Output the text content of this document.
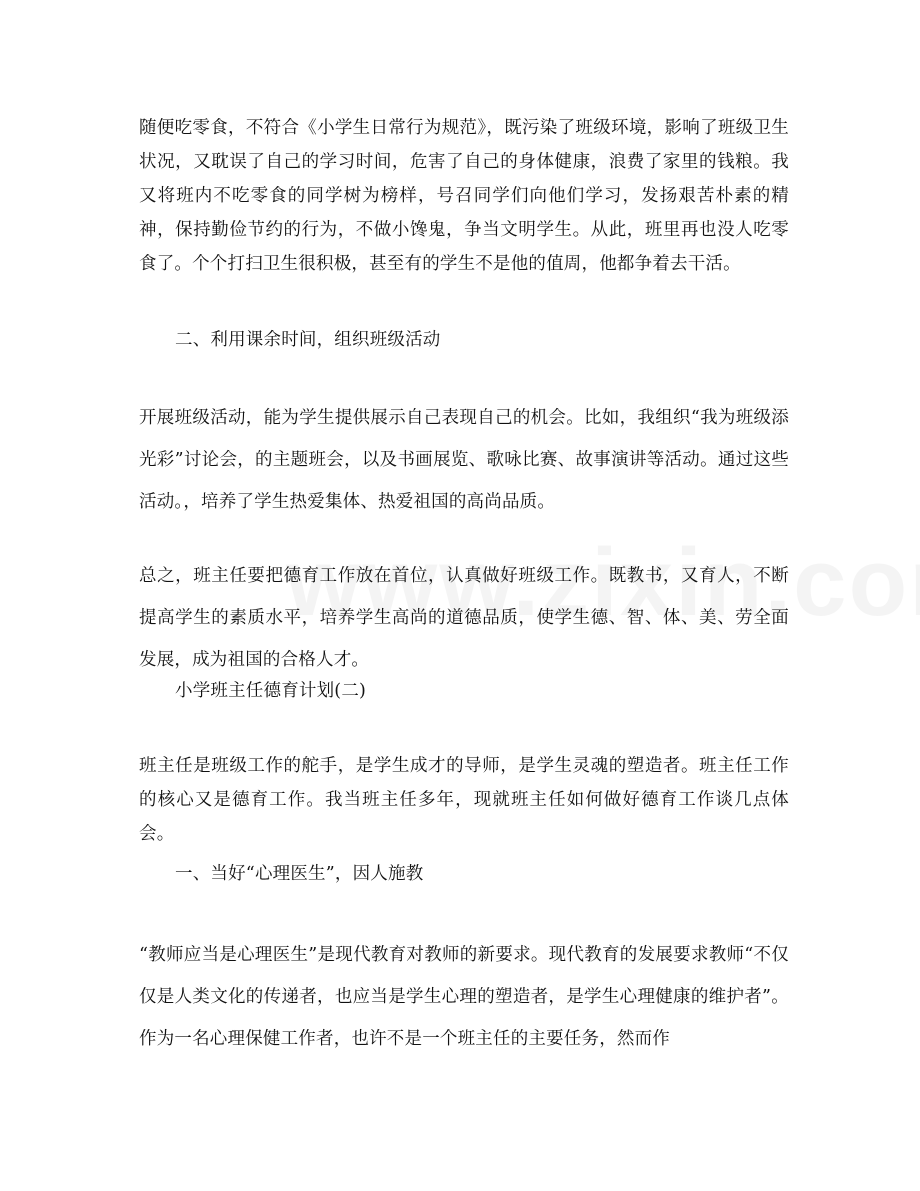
随便吃零食，不符合《小学生日常行为规范》，既污染了班级环境，影响了班级卫生状况，又耽误了自己的学习时间，危害了自己的身体健康，浪费了家里的钱粮。我又将班内不吃零食的同学树为榜样，号召同学们向他们学习，发扬艰苦朴素的精神，保持勤俭节约的行为，不做小馋鬼，争当文明学生。从此，班里再也没人吃零食了。个个打扫卫生很积极，甚至有的学生不是他的值周，他都争着去干活。

二、利用课余时间，组织班级活动

开展班级活动，能为学生提供展示自己表现自己的机会。比如，我组织“我为班级添光彩”讨论会，的主题班会，以及书画展览、歌咏比赛、故事演讲等活动。通过这些活动。，培养了学生热爱集体、热爱祖国的高尚品质。

总之，班主任要把德育工作放在首位，认真做好班级工作。既教书，又育人，不断提高学生的素质水平，培养学生高尚的道德品质，使学生德、智、体、美、劳全面发展，成为祖国的合格人才。

小学班主任德育计划(二)

班主任是班级工作的舵手，是学生成才的导师，是学生灵魂的塑造者。班主任工作的核心又是德育工作。我当班主任多年，现就班主任如何做好德育工作谈几点体会。

一、当好“心理医生”，因人施教

“教师应当是心理医生”是现代教育对教师的新要求。现代教育的发展要求教师“不仅仅是人类文化的传递者，也应当是学生心理的塑造者，是学生心理健康的维护者”。作为一名心理保健工作者，也许不是一个班主任的主要任务，然而作
